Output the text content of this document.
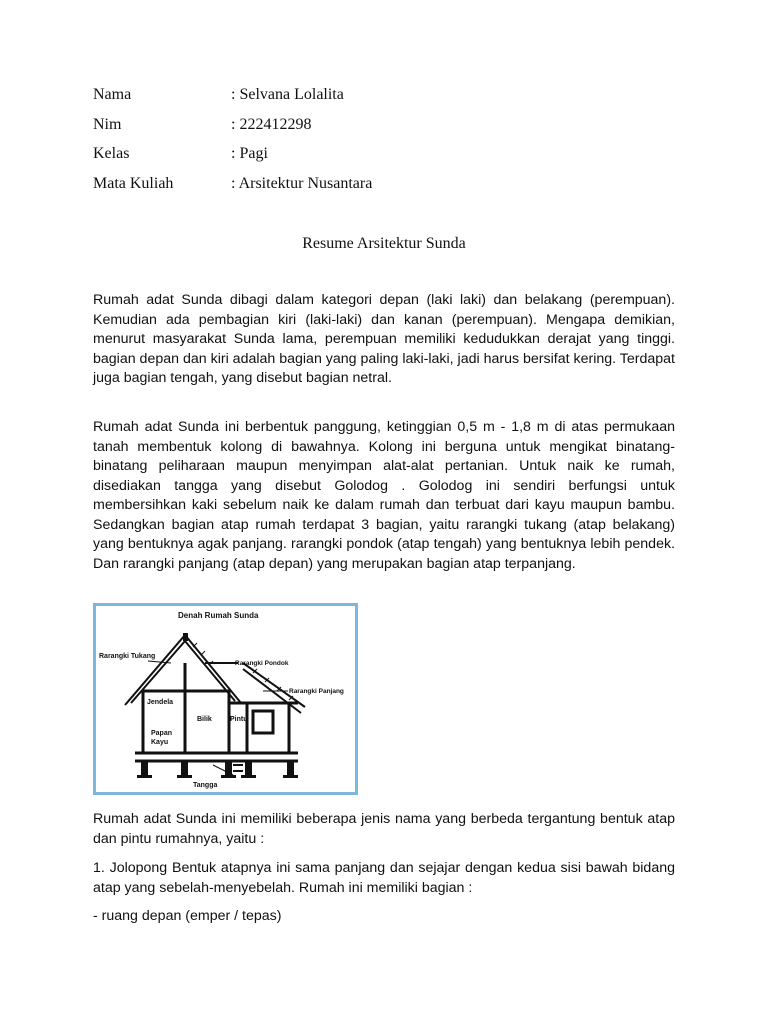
Nama	: Selvana Lolalita
Nim	: 222412298
Kelas	: Pagi
Mata Kuliah	: Arsitektur Nusantara
Resume Arsitektur Sunda

Rumah adat Sunda dibagi dalam kategori depan (laki laki) dan belakang (perempuan). Kemudian ada pembagian kiri (laki-laki) dan kanan (perempuan). Mengapa demikian, menurut masyarakat Sunda lama, perempuan memiliki kedudukkan derajat yang tinggi. bagian depan dan kiri adalah bagian yang paling laki-laki, jadi harus bersifat kering. Terdapat juga bagian tengah, yang disebut bagian netral.

Rumah adat Sunda ini berbentuk panggung, ketinggian 0,5 m - 1,8 m di atas permukaan tanah membentuk kolong di bawahnya. Kolong ini berguna untuk mengikat binatang-binatang peliharaan maupun menyimpan alat-alat pertanian. Untuk naik ke rumah, disediakan tangga yang disebut Golodog . Golodog ini sendiri berfungsi untuk membersihkan kaki sebelum naik ke dalam rumah dan terbuat dari kayu maupun bambu. Sedangkan bagian atap rumah terdapat 3 bagian, yaitu rarangki tukang (atap belakang) yang bentuknya agak panjang. rarangki pondok (atap tengah) yang bentuknya lebih pendek. Dan rarangki panjang (atap depan) yang merupakan bagian atap terpanjang.

Denah Rumah Sunda
Rarangki Tukang
Rarangki Pondok
Rarangki Panjang
Jendela
Bilik	Pintu
Papan
Kayu
Tangga

Rumah adat Sunda ini memiliki beberapa jenis nama yang berbeda tergantung bentuk atap dan pintu rumahnya, yaitu :

1. Jolopong Bentuk atapnya ini sama panjang dan sejajar dengan kedua sisi bawah bidang atap yang sebelah-menyebelah. Rumah ini memiliki bagian :

- ruang depan (emper / tepas)
